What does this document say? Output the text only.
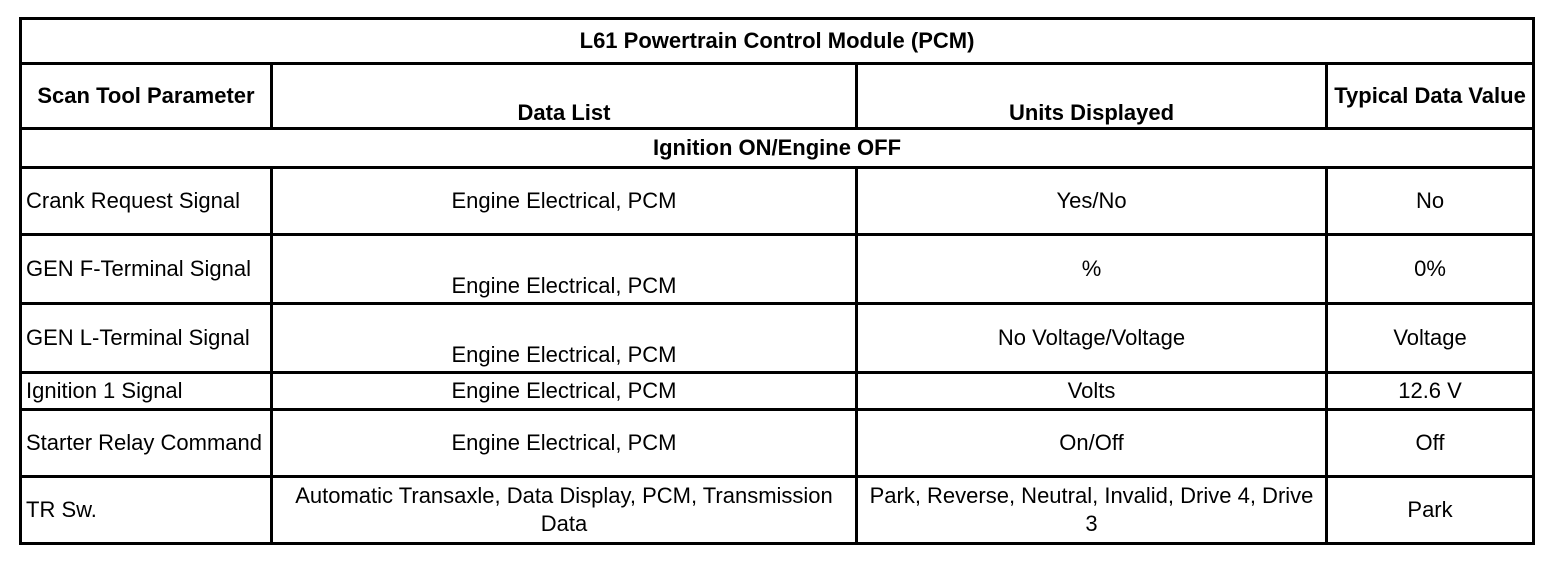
L61 Powertrain Control Module (PCM)			
Scan Tool Parameter	Data List	Units Displayed	Typical Data Value
Ignition ON/Engine OFF			
Crank Request Signal	Engine Electrical, PCM	Yes/No	No
GEN F-Terminal Signal	Engine Electrical, PCM	%	0%
GEN L-Terminal Signal	Engine Electrical, PCM	No Voltage/Voltage	Voltage
Ignition 1 Signal	Engine Electrical, PCM	Volts	12.6 V
Starter Relay Command	Engine Electrical, PCM	On/Off	Off
TR Sw.	Automatic Transaxle, Data Display, PCM, Transmission Data	Park, Reverse, Neutral, Invalid, Drive 4, Drive 3	Park
